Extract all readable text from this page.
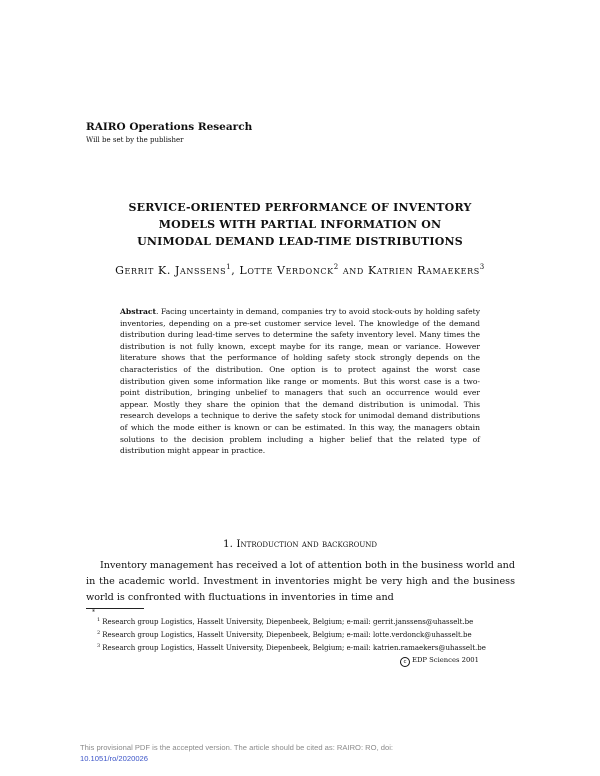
RAIRO Operations Research
Will be set by the publisher
SERVICE-ORIENTED PERFORMANCE OF INVENTORY
MODELS WITH PARTIAL INFORMATION ON
UNIMODAL DEMAND LEAD-TIME DISTRIBUTIONS
Gerrit K. Janssens$^1$, Lotte Verdonck$^2$ and Katrien Ramaekers$^3$
Abstract. Facing uncertainty in demand, companies try to avoid stock-outs by holding safety inventories, depending on a pre-set customer service level. The knowledge of the demand distribution during lead-time serves to determine the safety inventory level. Many times the distribution is not fully known, except maybe for its range, mean or variance. However literature shows that the performance of holding safety stock strongly depends on the characteristics of the distribution. One option is to protect against the worst case distribution given some information like range or moments. But this worst case is a two-point distribution, bringing unbelief to managers that such an occurrence would ever appear. Mostly they share the opinion that the demand distribution is unimodal. This research develops a technique to derive the safety stock for unimodal demand distributions of which the mode either is known or can be estimated. In this way, the managers obtain solutions to the decision problem including a higher belief that the related type of distribution might appear in practice.
1. Introduction and background
Inventory management has received a lot of attention both in the business world and in the academic world. Investment in inventories might be very high and the business world is confronted with fluctuations in inventories in time and
*
$^1$ Research group Logistics, Hasselt University, Diepenbeek, Belgium; e-mail: gerrit.janssens@uhasselt.be
$^2$ Research group Logistics, Hasselt University, Diepenbeek, Belgium; e-mail: lotte.verdonck@uhasselt.be
$^3$ Research group Logistics, Hasselt University, Diepenbeek, Belgium; e-mail: katrien.ramaekers@uhasselt.be
c EDP Sciences 2001
This provisional PDF is the accepted version. The article should be cited as: RAIRO: RO, doi:
10.1051/ro/2020026
